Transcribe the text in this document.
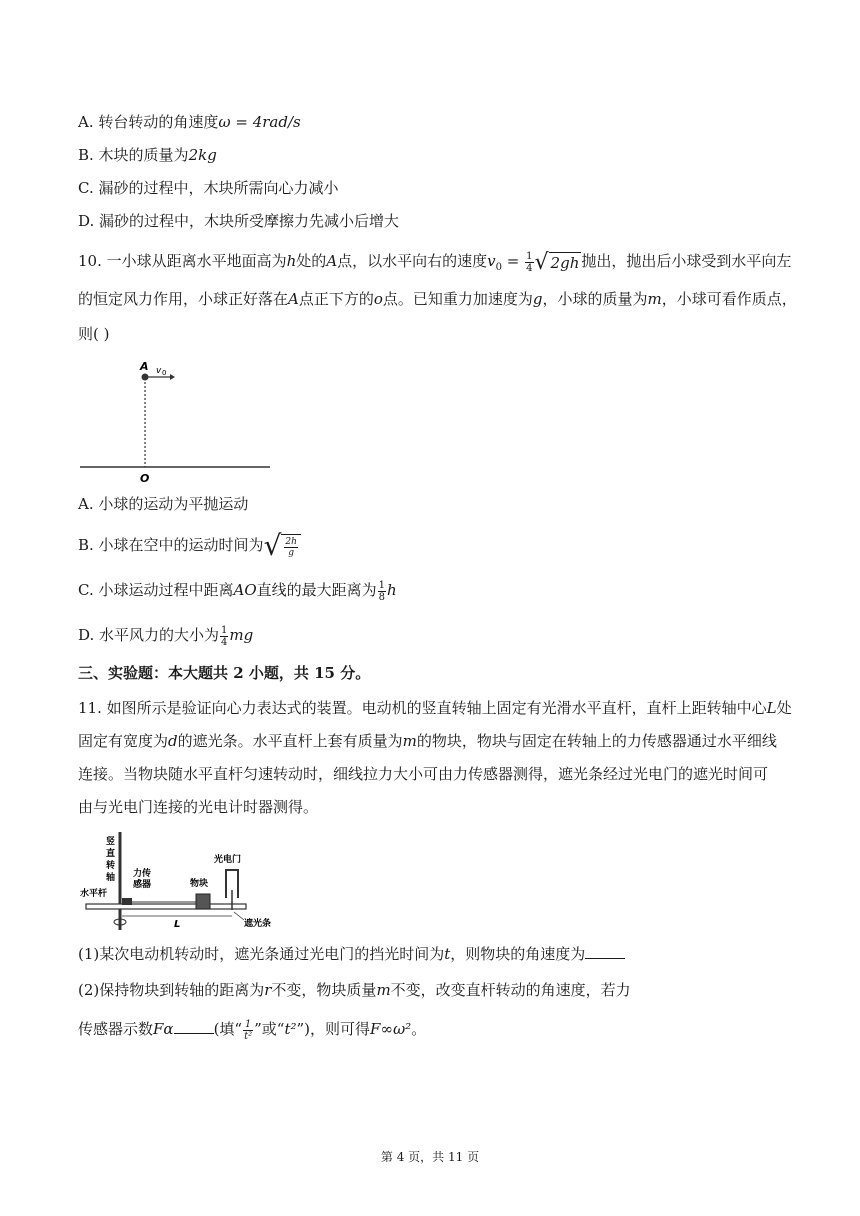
A. 转台转动的角速度ω = 4rad/s
B. 木块的质量为2kg
C. 漏砂的过程中，木块所需向心力减小
D. 漏砂的过程中，木块所受摩擦力先减小后增大
10. 一小球从距离水平地面高为h处的A点，以水平向右的速度$v_0 = \frac{1}{4}$ √ 2gh 抛出，抛出后小球受到水平向左
的恒定风力作用，小球正好落在A点正下方的o点。已知重力加速度为g，小球的质量为m，小球可看作质点，
则( )
A v 0
O
A. 小球的运动为平抛运动
B. 小球在空中的运动时间为√ $\frac{2h}{g}$
C. 小球运动过程中距离AO直线的最大距离为 $\frac{1}{8}$ h
D. 水平风力的大小为 $\frac{1}{4}$ mg
三、实验题：本大题共 2 小题，共 15 分。
11. 如图所示是验证向心力表达式的装置。电动机的竖直转轴上固定有光滑水平直杆，直杆上距转轴中心L处
固定有宽度为d的遮光条。水平直杆上套有质量为m的物块，物块与固定在转轴上的力传感器通过水平细线
连接。当物块随水平直杆匀速转动时，细线拉力大小可由力传感器测得，遮光条经过光电门的遮光时间可
由与光电门连接的光电计时器测得。
竖
直
转
轴
水平杆
力传
感器	物块
光电门
遮光条
L
(1)某次电动机转动时，遮光条通过光电门的挡光时间为t，则物块的角速度为
(2)保持物块到转轴的距离为r不变，物块质量m不变，改变直杆转动的角速度，若力
传感器示数Fα	(填“ $\frac{1}{\text{t²}}$ ”或“t²”)，则可得F∞ω²。
第 4 页，共 11 页
